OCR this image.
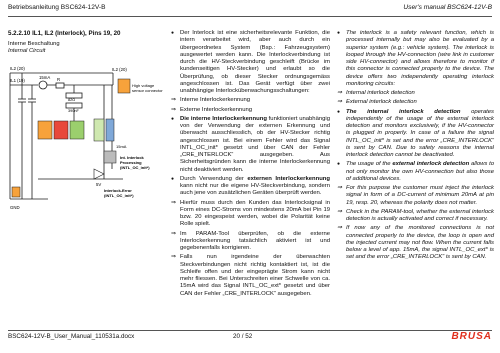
Betriebsanleitung BSC624-12V-B	User's manual BSC624-12V-B
5.2.2.10 IL1, IL2 (Interlock), Pins 19, 20
Interne Beschaltung
Internal Circuit
IL2 (20)
IL1 (19)
15mA R
82Ω
390nF
IL2 (20)
High voltage
sensor connector
15mA
Int. Interlock
Processing
(INTL_OC_init*)
5V
Interlock-Error
(INTL_OC_init*)
GND
● Der Interlock ist eine sicherheitsrelevante Funktion, die intern verarbeitet wird, aber auch durch ein übergeordnetes System (Bsp.: Fahrzeugsystem) ausgewertet werden kann. Die Interlockverbindung ist durch die HV-Steckverbindung geschleift (Brücke im kundenseitigen HV-Stecker) und erlaubt so die Überprüfung, ob dieser Stecker ordnungsgemäss angeschlossen ist. Das Gerät verfügt über zwei unabhängige Interlocküberwachungsschaltungen:
⇒ Interne Interlockerkennung
⇒ Externe Interlockerkennung
● Die interne Interlockerkennung funktioniert unabhängig von der Verwendung der externen Erkennung und überwacht ausschliesslich, ob der HV-Stecker richtig angeschlossen ist. Bei einem Fehler wird das Signal INTL_OC_init* gesetzt und über CAN der Fehler „CRE_INTERLOCK“ ausgegeben. Aus Sicherheitsgründen kann die interne Interlockerkennung nicht deaktiviert werden.
● Durch Verwendung der externen Interlockerkennung kann nicht nur die eigene HV-Steckverbindung, sondern auch jene von zusätzlichen Geräten überprüft werden.
⇒ Hierfür muss durch den Kunden das Interlocksignal in Form eines DC-Stroms von mindestens 20mA bei Pin 19 bzw. 20 eingespeist werden, wobei die Polarität keine Rolle spielt.
⇒ Im PARAM-Tool überprüfen, ob die externe Interlockerkennung tatsächlich aktiviert ist und gegebenenfalls korrigieren.
⇒ Falls nun irgendeine der überwachten Steckverbindungen nicht richtig kontaktiert ist, ist die Schleife offen und der eingeprägte Strom kann nicht mehr fliessen. Bei Unterschreiten einer Schwelle von ca. 15mA wird das Signal INTL_OC_ext* gesetzt und über CAN der Fehler „CRE_INTERLOCK“ ausgegeben.
● The interlock is a safety relevant function, which is processed internally but may also be evaluated by a superior system (e.g.: vehicle system). The interlock is looped through the HV-connection (wire link in customer side HV-connector) and allows therefore to monitor if this connector is connected properly to the device. The device offers two independently operating interlock monitoring circuits:
⇒ Internal interlock detection
⇒ External interlock detection
● The internal interlock detection operates independently of the usage of the external interlock detection and monitors exclusively, if the HV-connector is plugged in properly. In case of a failure the signal INTL_OC_init* is set and the error „CRE_INTERLOCK“ is sent by CAN. Due to safety reasons the internal interlock detection cannot be deactivated.
● The usage of the external interlock detection allows to not only monitor the own HV-connection but also those of additional devices.
⇒ For this purpose the customer must inject the interlock signal in form of a DC-current of minimum 20mA at pin 19, resp. 20, whereas the polarity does not matter.
⇒ Check in the PARAM-tool, whether the external interlock detection is actually activated and correct if necessary.
⇒ If now any of the monitored connections is not connected properly to the device, the loop is open and the injected current may not flow. When the current falls below a level of app. 15mA, the signal INTL_OC_ext* is set and the error „CRE_INTERLOCK“ is sent by CAN.
BSC624-12V-B_User_Manual_110531a.docx	20 / 52	BRUSA
